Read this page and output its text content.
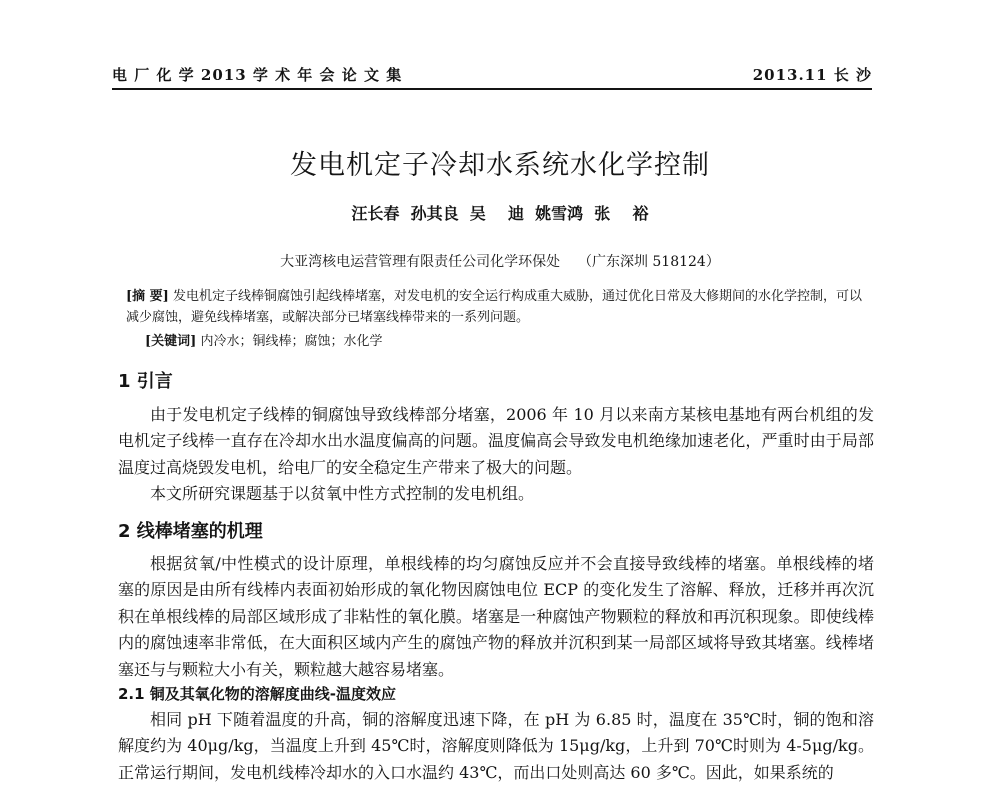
电 厂 化 学 2013 学 术 年 会 论 文 集	2013.11 长 沙
发电机定子冷却水系统水化学控制
汪长春  孙其良  吴    迪  姚雪鸿  张    裕
大亚湾核电运营管理有限责任公司化学环保处    （广东深圳 518124）
[摘 要] 发电机定子线棒铜腐蚀引起线棒堵塞，对发电机的安全运行构成重大威胁，通过优化日常及大修期间的水化学控制，可以减少腐蚀，避免线棒堵塞，或解决部分已堵塞线棒带来的一系列问题。
[关键词] 内冷水；铜线棒；腐蚀；水化学
1 引言
由于发电机定子线棒的铜腐蚀导致线棒部分堵塞，2006 年 10 月以来南方某核电基地有两台机组的发电机定子线棒一直存在冷却水出水温度偏高的问题。温度偏高会导致发电机绝缘加速老化，严重时由于局部温度过高烧毁发电机，给电厂的安全稳定生产带来了极大的问题。
本文所研究课题基于以贫氧中性方式控制的发电机组。
2 线棒堵塞的机理
根据贫氧/中性模式的设计原理，单根线棒的均匀腐蚀反应并不会直接导致线棒的堵塞。单根线棒的堵塞的原因是由所有线棒内表面初始形成的氧化物因腐蚀电位 ECP 的变化发生了溶解、释放，迁移并再次沉积在单根线棒的局部区域形成了非粘性的氧化膜。堵塞是一种腐蚀产物颗粒的释放和再沉积现象。即使线棒内的腐蚀速率非常低，在大面积区域内产生的腐蚀产物的释放并沉积到某一局部区域将导致其堵塞。线棒堵塞还与与颗粒大小有关，颗粒越大越容易堵塞。
2.1 铜及其氧化物的溶解度曲线-温度效应
相同 pH 下随着温度的升高，铜的溶解度迅速下降，在 pH 为 6.85 时，温度在 35℃时，铜的饱和溶解度约为 40μg/kg，当温度上升到 45℃时，溶解度则降低为 15μg/kg，上升到 70℃时则为 4-5μg/kg。正常运行期间，发电机线棒冷却水的入口水温约 43℃，而出口处则高达 60 多℃。因此，如果系统的
